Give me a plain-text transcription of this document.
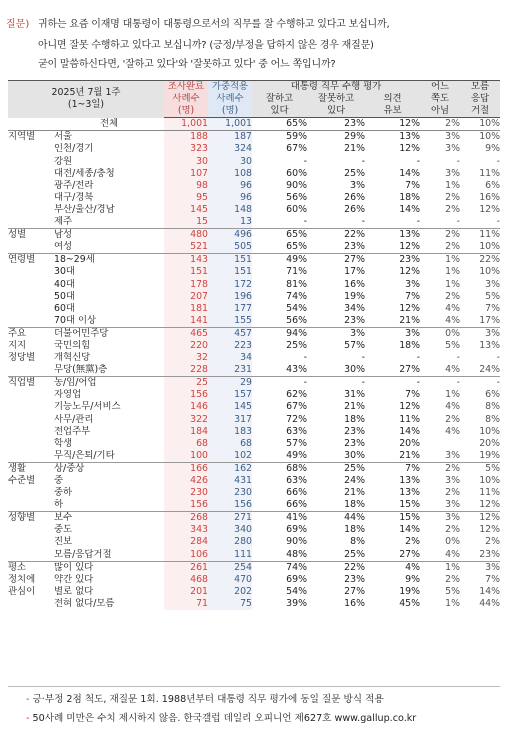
질문) 귀하는 요즘 이재명 대통령이 대통령으로서의 직무를 잘 수행하고 있다고 보십니까,
아니면 잘못 수행하고 있다고 보십니까? (긍정/부정을 답하지 않은 경우 재질문)
굳이 말씀하신다면, '잘하고 있다'와 '잘못하고 있다' 중 어느 쪽입니까?
2025년 7월 1주
(1~3일)		조사완료	가중적용	대통령 직무 수행 평가			어느	모름
		사례수	사례수	잘하고	잘못하고	의견	쪽도	응답
		(명)	(명)	있다	있다	유보	아님	거절
	전체	1,001	1,001	65%	23%	12%	2%	10%
지역별	서울	188	187	59%	29%	13%	3%	10%
	인천/경기	323	324	67%	21%	12%	3%	9%
	강원	30	30	-	-	-	-	-
	대전/세종/충청	107	108	60%	25%	14%	3%	11%
	광주/전라	98	96	90%	3%	7%	1%	6%
	대구/경북	95	96	56%	26%	18%	2%	16%
	부산/울산/경남	145	148	60%	26%	14%	2%	12%
	제주	15	13	-	-	-	-	-
성별	남성	480	496	65%	22%	13%	2%	11%
	여성	521	505	65%	23%	12%	2%	10%
연령별	18~29세	143	151	49%	27%	23%	1%	22%
	30대	151	151	71%	17%	12%	1%	10%
	40대	178	172	81%	16%	3%	1%	3%
	50대	207	196	74%	19%	7%	2%	5%
	60대	181	177	54%	34%	12%	4%	7%
	70대 이상	141	155	56%	23%	21%	4%	17%
주요	더불어민주당	465	457	94%	3%	3%	0%	3%
지지	국민의힘	220	223	25%	57%	18%	5%	13%
정당별	개혁신당	32	34	-	-	-	-	-
	무당(無黨)층	228	231	43%	30%	27%	4%	24%
직업별	농/임/어업	25	29	-	-	-	-	-
	자영업	156	157	62%	31%	7%	1%	6%
	기능노무/서비스	146	145	67%	21%	12%	4%	8%
	사무/관리	322	317	72%	18%	11%	2%	8%
	전업주부	184	183	63%	23%	14%	4%	10%
	학생	68	68	57%	23%	20%		20%
	무직/은퇴/기타	100	102	49%	30%	21%	3%	19%
생활	상/중상	166	162	68%	25%	7%	2%	5%
수준별	중	426	431	63%	24%	13%	3%	10%
	중하	230	230	66%	21%	13%	2%	11%
	하	156	156	66%	18%	15%	3%	12%
성향별	보수	268	271	41%	44%	15%	3%	12%
	중도	343	340	69%	18%	14%	2%	12%
	진보	284	280	90%	8%	2%	0%	2%
	모름/응답거절	106	111	48%	25%	27%	4%	23%
평소	많이 있다	261	254	74%	22%	4%	1%	3%
정치에	약간 있다	468	470	69%	23%	9%	2%	7%
관심이	별로 없다	201	202	54%	27%	19%	5%	14%
	전혀 없다/모름	71	75	39%	16%	45%	1%	44%
- 긍·부정 2점 척도, 재질문 1회. 1988년부터 대통령 직무 평가에 동일 질문 방식 적용
- 50사례 미만은 수치 제시하지 않음. 한국갤럽 데일리 오피니언 제627호 www.gallup.co.kr
